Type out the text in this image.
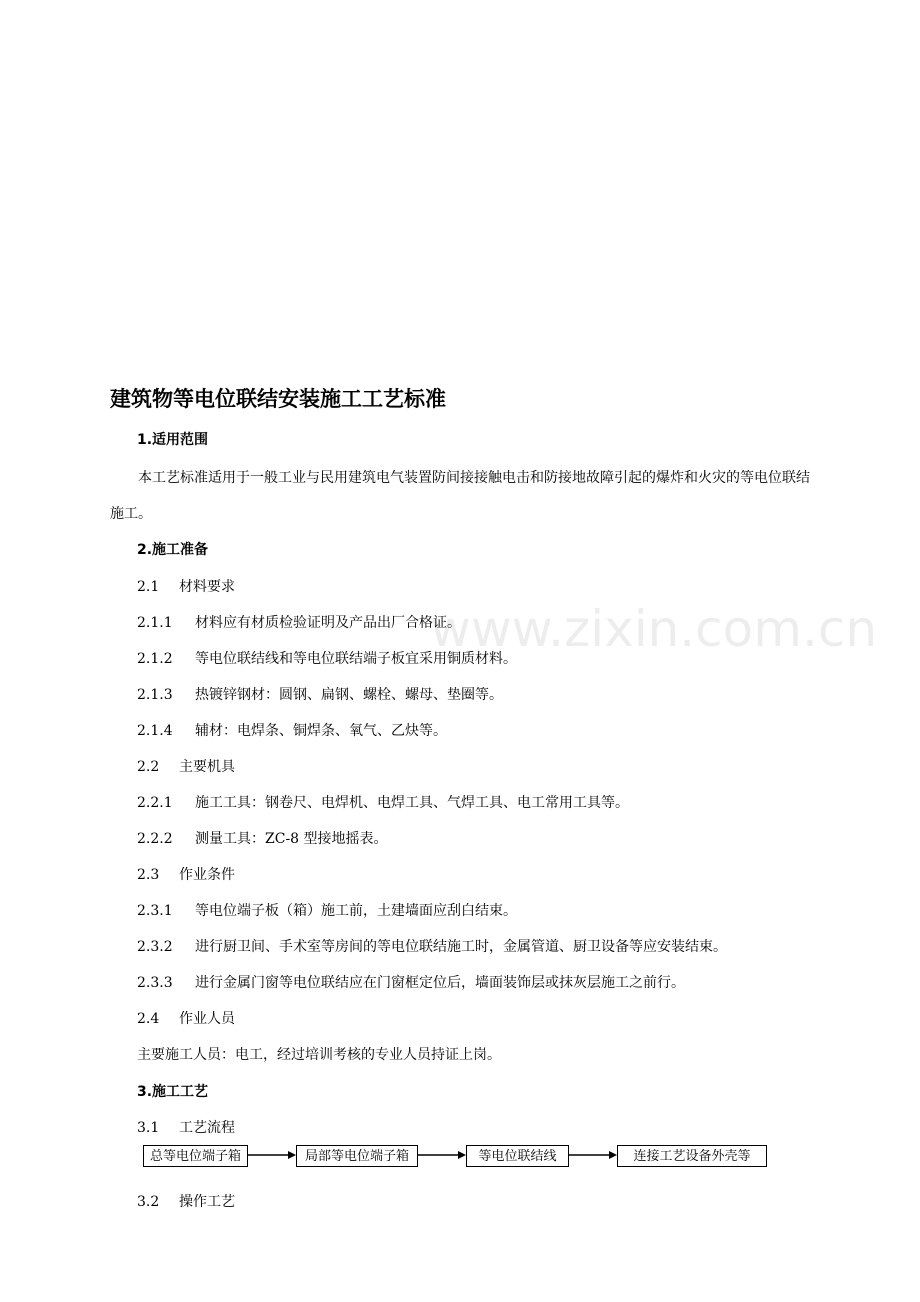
www.zixin.com.cn
建筑物等电位联结安装施工工艺标准
1.适用范围
本工艺标准适用于一般工业与民用建筑电气装置防间接接触电击和防接地故障引起的爆炸和火灾的等电位联结施工。
2.施工准备
2.1 材料要求
2.1.1 材料应有材质检验证明及产品出厂合格证。
2.1.2 等电位联结线和等电位联结端子板宜采用铜质材料。
2.1.3 热镀锌钢材：圆钢、扁钢、螺栓、螺母、垫圈等。
2.1.4 辅材：电焊条、铜焊条、氧气、乙炔等。
2.2 主要机具
2.2.1 施工工具：钢卷尺、电焊机、电焊工具、气焊工具、电工常用工具等。
2.2.2 测量工具：ZC-8 型接地摇表。
2.3 作业条件
2.3.1 等电位端子板（箱）施工前，土建墙面应刮白结束。
2.3.2 进行厨卫间、手术室等房间的等电位联结施工时，金属管道、厨卫设备等应安装结束。
2.3.3 进行金属门窗等电位联结应在门窗框定位后，墙面装饰层或抹灰层施工之前行。
2.4 作业人员
主要施工人员：电工，经过培训考核的专业人员持证上岗。
3.施工工艺
3.1 工艺流程
总等电位端子箱	局部等电位端子箱	等电位联结线	连接工艺设备外壳等
3.2 操作工艺
